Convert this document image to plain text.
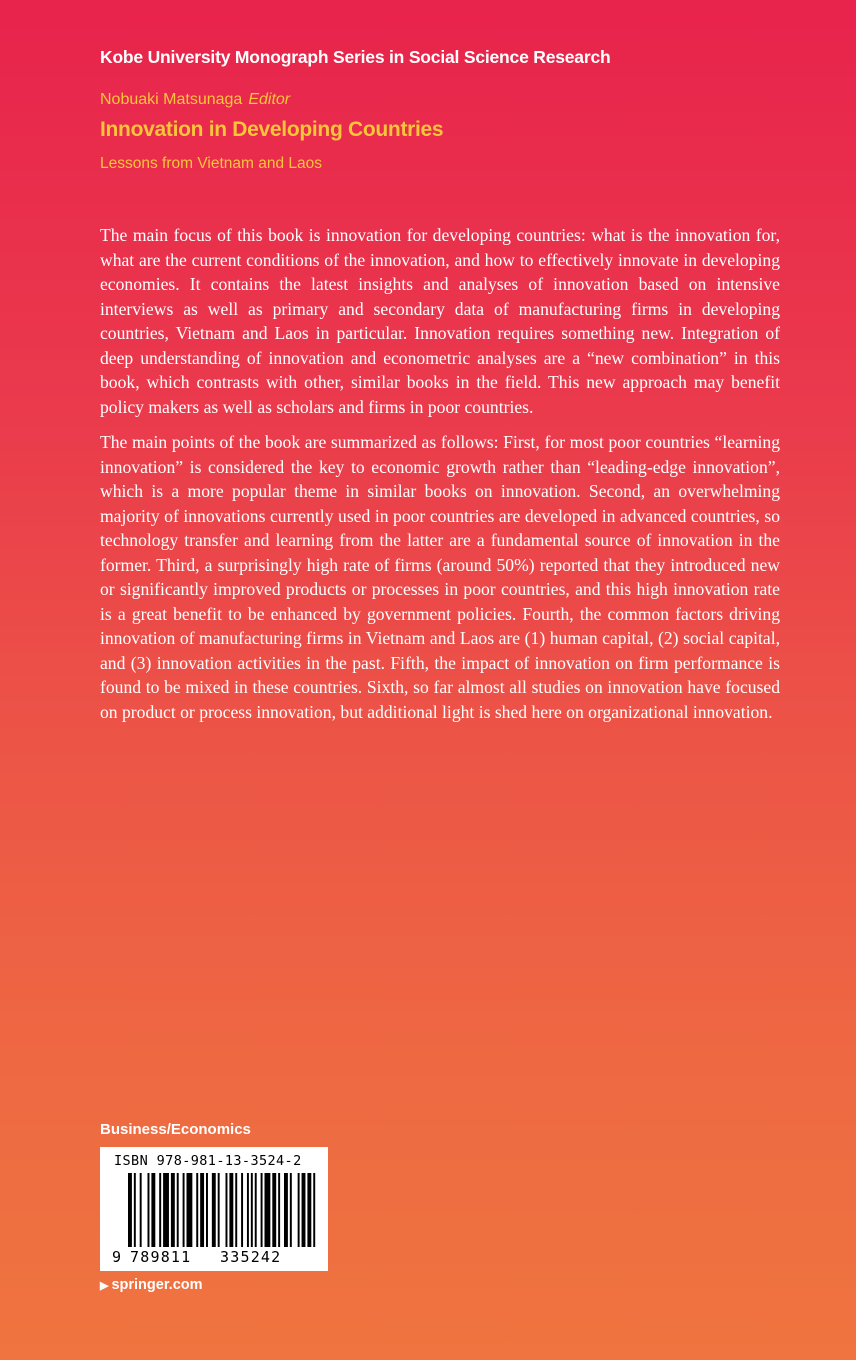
Kobe University Monograph Series in Social Science Research
Nobuaki Matsunaga Editor
Innovation in Developing Countries
Lessons from Vietnam and Laos

The main focus of this book is innovation for developing countries: what is the innovation for, what are the current conditions of the innovation, and how to effectively innovate in developing economies. It contains the latest insights and analyses of innovation based on intensive interviews as well as primary and secondary data of manufacturing firms in developing countries, Vietnam and Laos in particular. Innovation requires something new. Integration of deep understanding of innovation and econometric analyses are a “new combination” in this book, which contrasts with other, similar books in the field. This new approach may benefit policy makers as well as scholars and firms in poor countries.

The main points of the book are summarized as follows: First, for most poor countries “learning innovation” is considered the key to economic growth rather than “leading-edge innovation”, which is a more popular theme in similar books on innovation. Second, an overwhelming majority of innovations currently used in poor countries are developed in advanced countries, so technology transfer and learning from the latter are a fundamental source of innovation in the former. Third, a surprisingly high rate of firms (around 50%) reported that they introduced new or significantly improved products or processes in poor countries, and this high innovation rate is a great benefit to be enhanced by government policies. Fourth, the common factors driving innovation of manufacturing firms in Vietnam and Laos are (1) human capital, (2) social capital, and (3) innovation activities in the past. Fifth, the impact of innovation on firm performance is found to be mixed in these countries. Sixth, so far almost all studies on innovation have focused on product or process innovation, but additional light is shed here on organizational innovation.

Business/Economics
ISBN 978-981-13-3524-2
9 789811 335242
▶ springer.com
